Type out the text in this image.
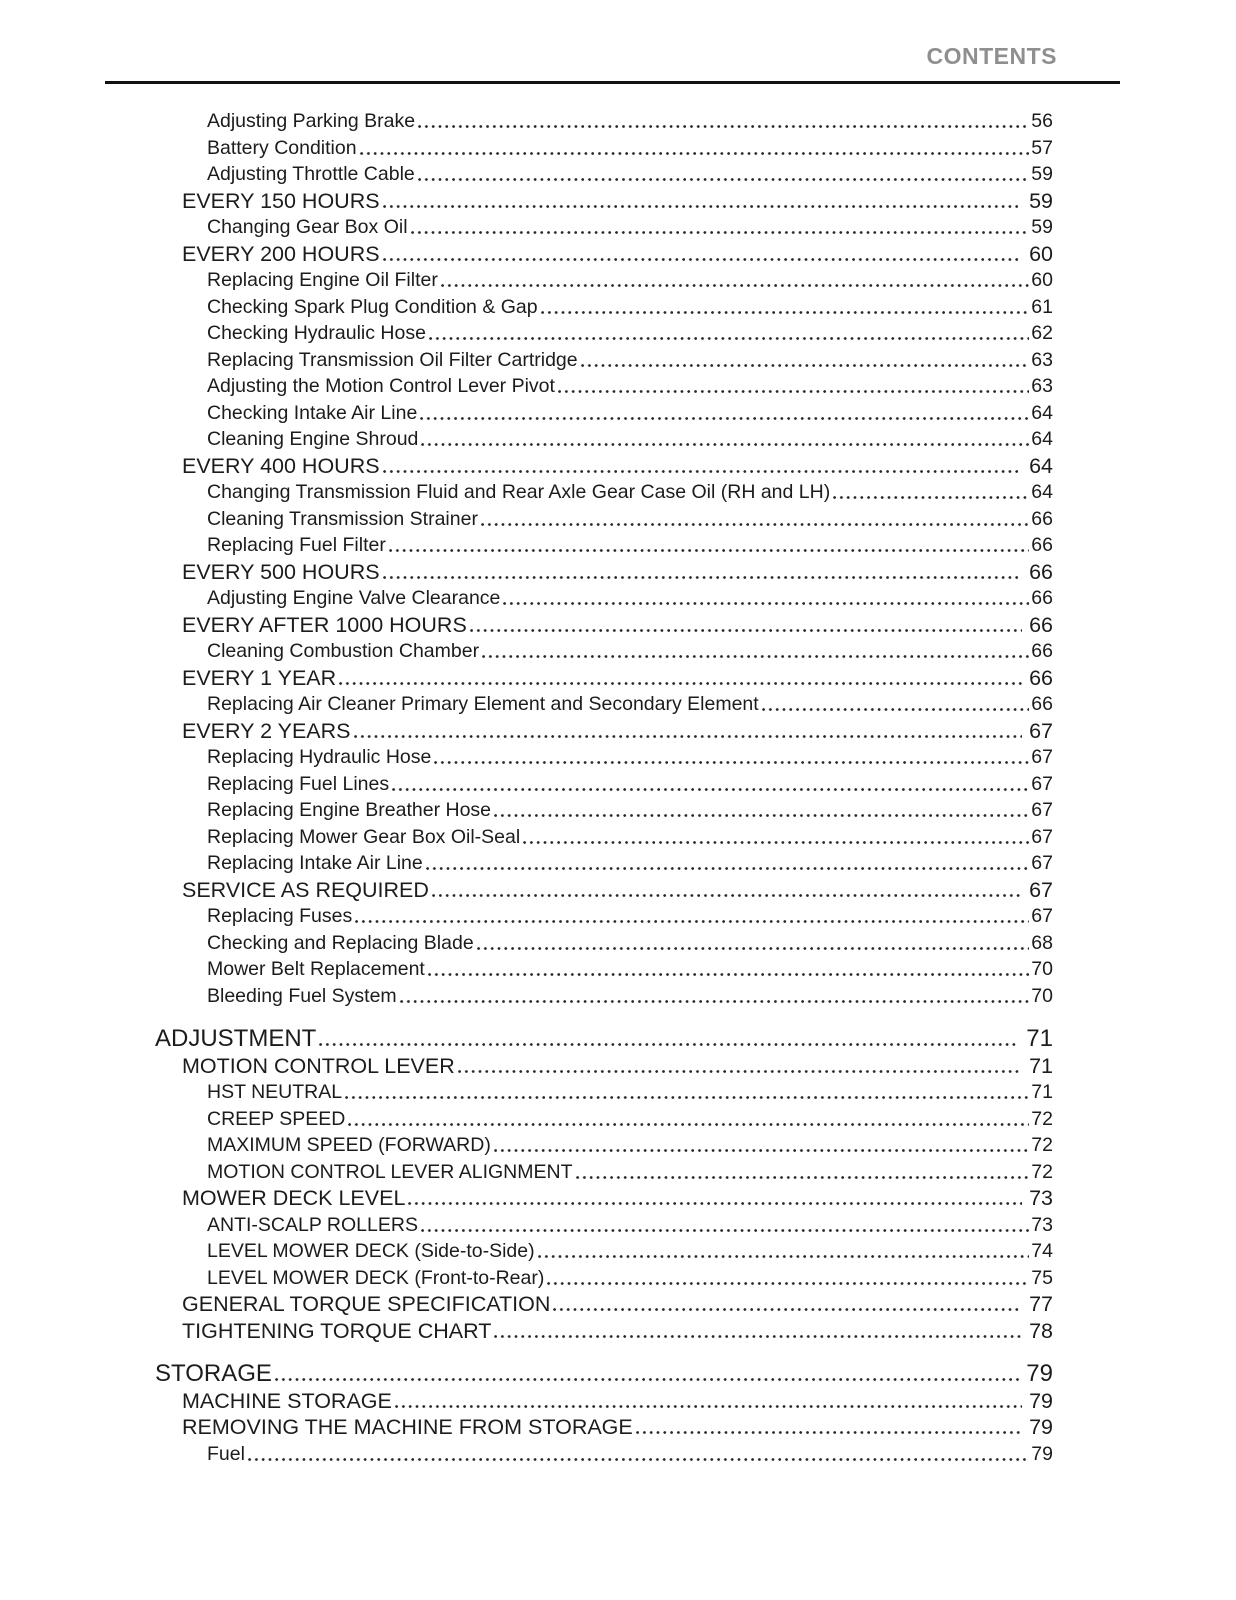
CONTENTS
Adjusting Parking Brake	56
Battery Condition	57
Adjusting Throttle Cable	59
EVERY 150 HOURS	59
Changing Gear Box Oil	59
EVERY 200 HOURS	60
Replacing Engine Oil Filter	60
Checking Spark Plug Condition & Gap	61
Checking Hydraulic Hose	62
Replacing Transmission Oil Filter Cartridge	63
Adjusting the Motion Control Lever Pivot	63
Checking Intake Air Line	64
Cleaning Engine Shroud	64
EVERY 400 HOURS	64
Changing Transmission Fluid and Rear Axle Gear Case Oil (RH and LH)	64
Cleaning Transmission Strainer	66
Replacing Fuel Filter	66
EVERY 500 HOURS	66
Adjusting Engine Valve Clearance	66
EVERY AFTER 1000 HOURS	66
Cleaning Combustion Chamber	66
EVERY 1 YEAR	66
Replacing Air Cleaner Primary Element and Secondary Element	66
EVERY 2 YEARS	67
Replacing Hydraulic Hose	67
Replacing Fuel Lines	67
Replacing Engine Breather Hose	67
Replacing Mower Gear Box Oil-Seal	67
Replacing Intake Air Line	67
SERVICE AS REQUIRED	67
Replacing Fuses	67
Checking and Replacing Blade	68
Mower Belt Replacement	70
Bleeding Fuel System	70
ADJUSTMENT	71
MOTION CONTROL LEVER	71
HST NEUTRAL	71
CREEP SPEED	72
MAXIMUM SPEED (FORWARD)	72
MOTION CONTROL LEVER ALIGNMENT	72
MOWER DECK LEVEL	73
ANTI-SCALP ROLLERS	73
LEVEL MOWER DECK (Side-to-Side)	74
LEVEL MOWER DECK (Front-to-Rear)	75
GENERAL TORQUE SPECIFICATION	77
TIGHTENING TORQUE CHART	78
STORAGE	79
MACHINE STORAGE	79
REMOVING THE MACHINE FROM STORAGE	79
Fuel	79
